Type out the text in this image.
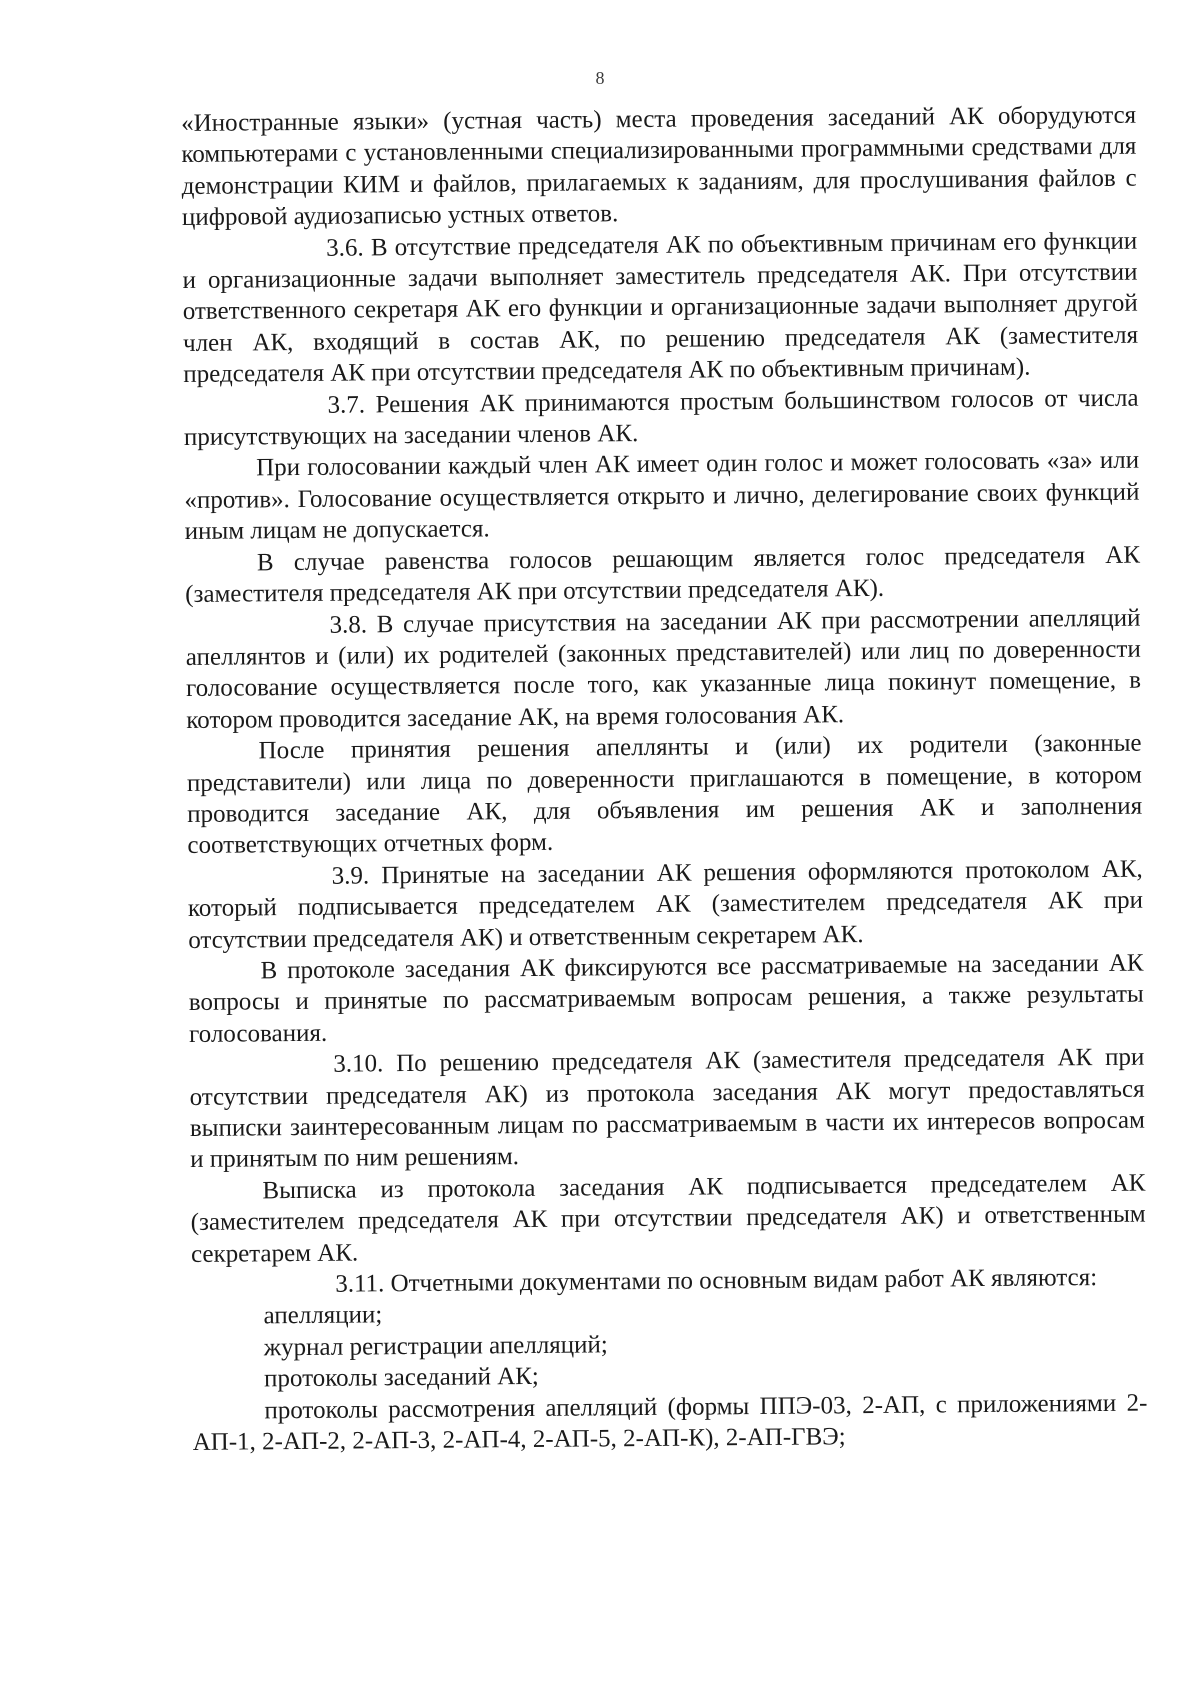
8

«Иностранные языки» (устная часть) места проведения заседаний АК оборудуются компьютерами с установленными специализированными программными средствами для демонстрации КИМ и файлов, прилагаемых к заданиям, для прослушивания файлов с цифровой аудиозаписью устных ответов.

3.6. В отсутствие председателя АК по объективным причинам его функции и организационные задачи выполняет заместитель председателя АК. При отсутствии ответственного секретаря АК его функции и организационные задачи выполняет другой член АК, входящий в состав АК, по решению председателя АК (заместителя председателя АК при отсутствии председателя АК по объективным причинам).

3.7. Решения АК принимаются простым большинством голосов от числа присутствующих на заседании членов АК.

При голосовании каждый член АК имеет один голос и может голосовать «за» или «против». Голосование осуществляется открыто и лично, делегирование своих функций иным лицам не допускается.

В случае равенства голосов решающим является голос председателя АК (заместителя председателя АК при отсутствии председателя АК).

3.8. В случае присутствия на заседании АК при рассмотрении апелляций апеллянтов и (или) их родителей (законных представителей) или лиц по доверенности голосование осуществляется после того, как указанные лица покинут помещение, в котором проводится заседание АК, на время голосования АК.

После принятия решения апеллянты и (или) их родители (законные представители) или лица по доверенности приглашаются в помещение, в котором проводится заседание АК, для объявления им решения АК и заполнения соответствующих отчетных форм.

3.9. Принятые на заседании АК решения оформляются протоколом АК, который подписывается председателем АК (заместителем председателя АК при отсутствии председателя АК) и ответственным секретарем АК.

В протоколе заседания АК фиксируются все рассматриваемые на заседании АК вопросы и принятые по рассматриваемым вопросам решения, а также результаты голосования.

3.10. По решению председателя АК (заместителя председателя АК при отсутствии председателя АК) из протокола заседания АК могут предоставляться выписки заинтересованным лицам по рассматриваемым в части их интересов вопросам и принятым по ним решениям.

Выписка из протокола заседания АК подписывается председателем АК (заместителем председателя АК при отсутствии председателя АК) и ответственным секретарем АК.

3.11. Отчетными документами по основным видам работ АК являются:

апелляции;

журнал регистрации апелляций;

протоколы заседаний АК;

протоколы рассмотрения апелляций (формы ППЭ-03, 2-АП, с приложениями 2-АП-1, 2-АП-2, 2-АП-3, 2-АП-4, 2-АП-5, 2-АП-К), 2-АП-ГВЭ;
